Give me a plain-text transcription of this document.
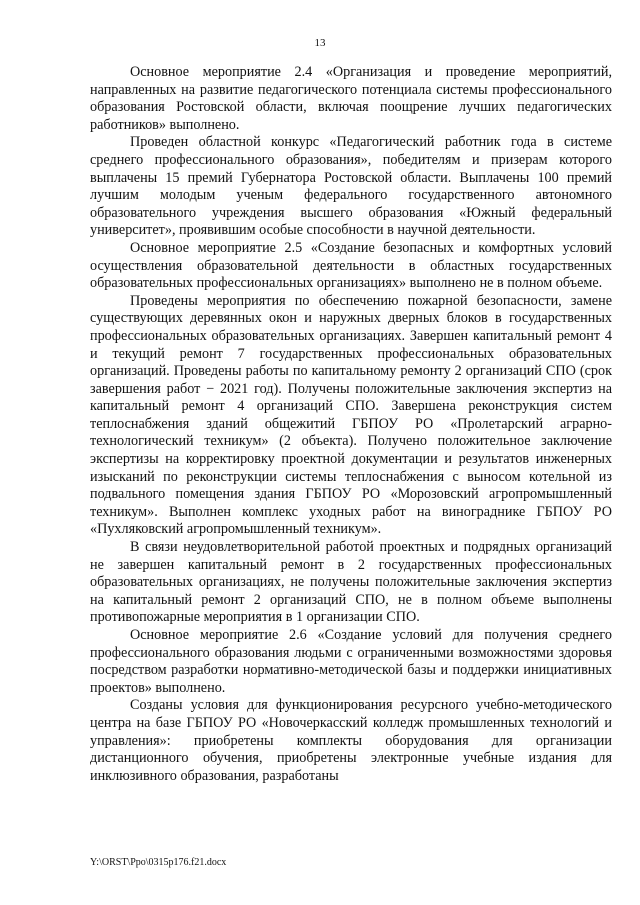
13

Основное мероприятие 2.4 «Организация и проведение мероприятий, направленных на развитие педагогического потенциала системы профессионального образования Ростовской области, включая поощрение лучших педагогических работников» выполнено.

Проведен областной конкурс «Педагогический работник года в системе среднего профессионального образования», победителям и призерам которого выплачены 15 премий Губернатора Ростовской области. Выплачены 100 премий лучшим молодым ученым федерального государственного автономного образовательного учреждения высшего образования «Южный федеральный университет», проявившим особые способности в научной деятельности.

Основное мероприятие 2.5 «Создание безопасных и комфортных условий осуществления образовательной деятельности в областных государственных образовательных профессиональных организациях» выполнено не в полном объеме.

Проведены мероприятия по обеспечению пожарной безопасности, замене существующих деревянных окон и наружных дверных блоков в государственных профессиональных образовательных организациях. Завершен капитальный ремонт 4 и текущий ремонт 7 государственных профессиональных образовательных организаций. Проведены работы по капитальному ремонту 2 организаций СПО (срок завершения работ − 2021 год). Получены положительные заключения экспертиз на капитальный ремонт 4 организаций СПО. Завершена реконструкция систем теплоснабжения зданий общежитий ГБПОУ РО «Пролетарский аграрно-технологический техникум» (2 объекта). Получено положительное заключение экспертизы на корректировку проектной документации и результатов инженерных изысканий по реконструкции системы теплоснабжения с выносом котельной из подвального помещения здания ГБПОУ РО «Морозовский агропромышленный техникум». Выполнен комплекс уходных работ на винограднике ГБПОУ РО «Пухляковский агропромышленный техникум».

В связи неудовлетворительной работой проектных и подрядных организаций не завершен капитальный ремонт в 2 государственных профессиональных образовательных организациях, не получены положительные заключения экспертиз на капитальный ремонт 2 организаций СПО, не в полном объеме выполнены противопожарные мероприятия в 1 организации СПО.

Основное мероприятие 2.6 «Создание условий для получения среднего профессионального образования людьми с ограниченными возможностями здоровья посредством разработки нормативно-методической базы и поддержки инициативных проектов» выполнено.

Созданы условия для функционирования ресурсного учебно-методического центра на базе ГБПОУ РО «Новочеркасский колледж промышленных технологий и управления»: приобретены комплекты оборудования для организации дистанционного обучения, приобретены электронные учебные издания для инклюзивного образования, разработаны

Y:\ORST\Ppo\0315p176.f21.docx
